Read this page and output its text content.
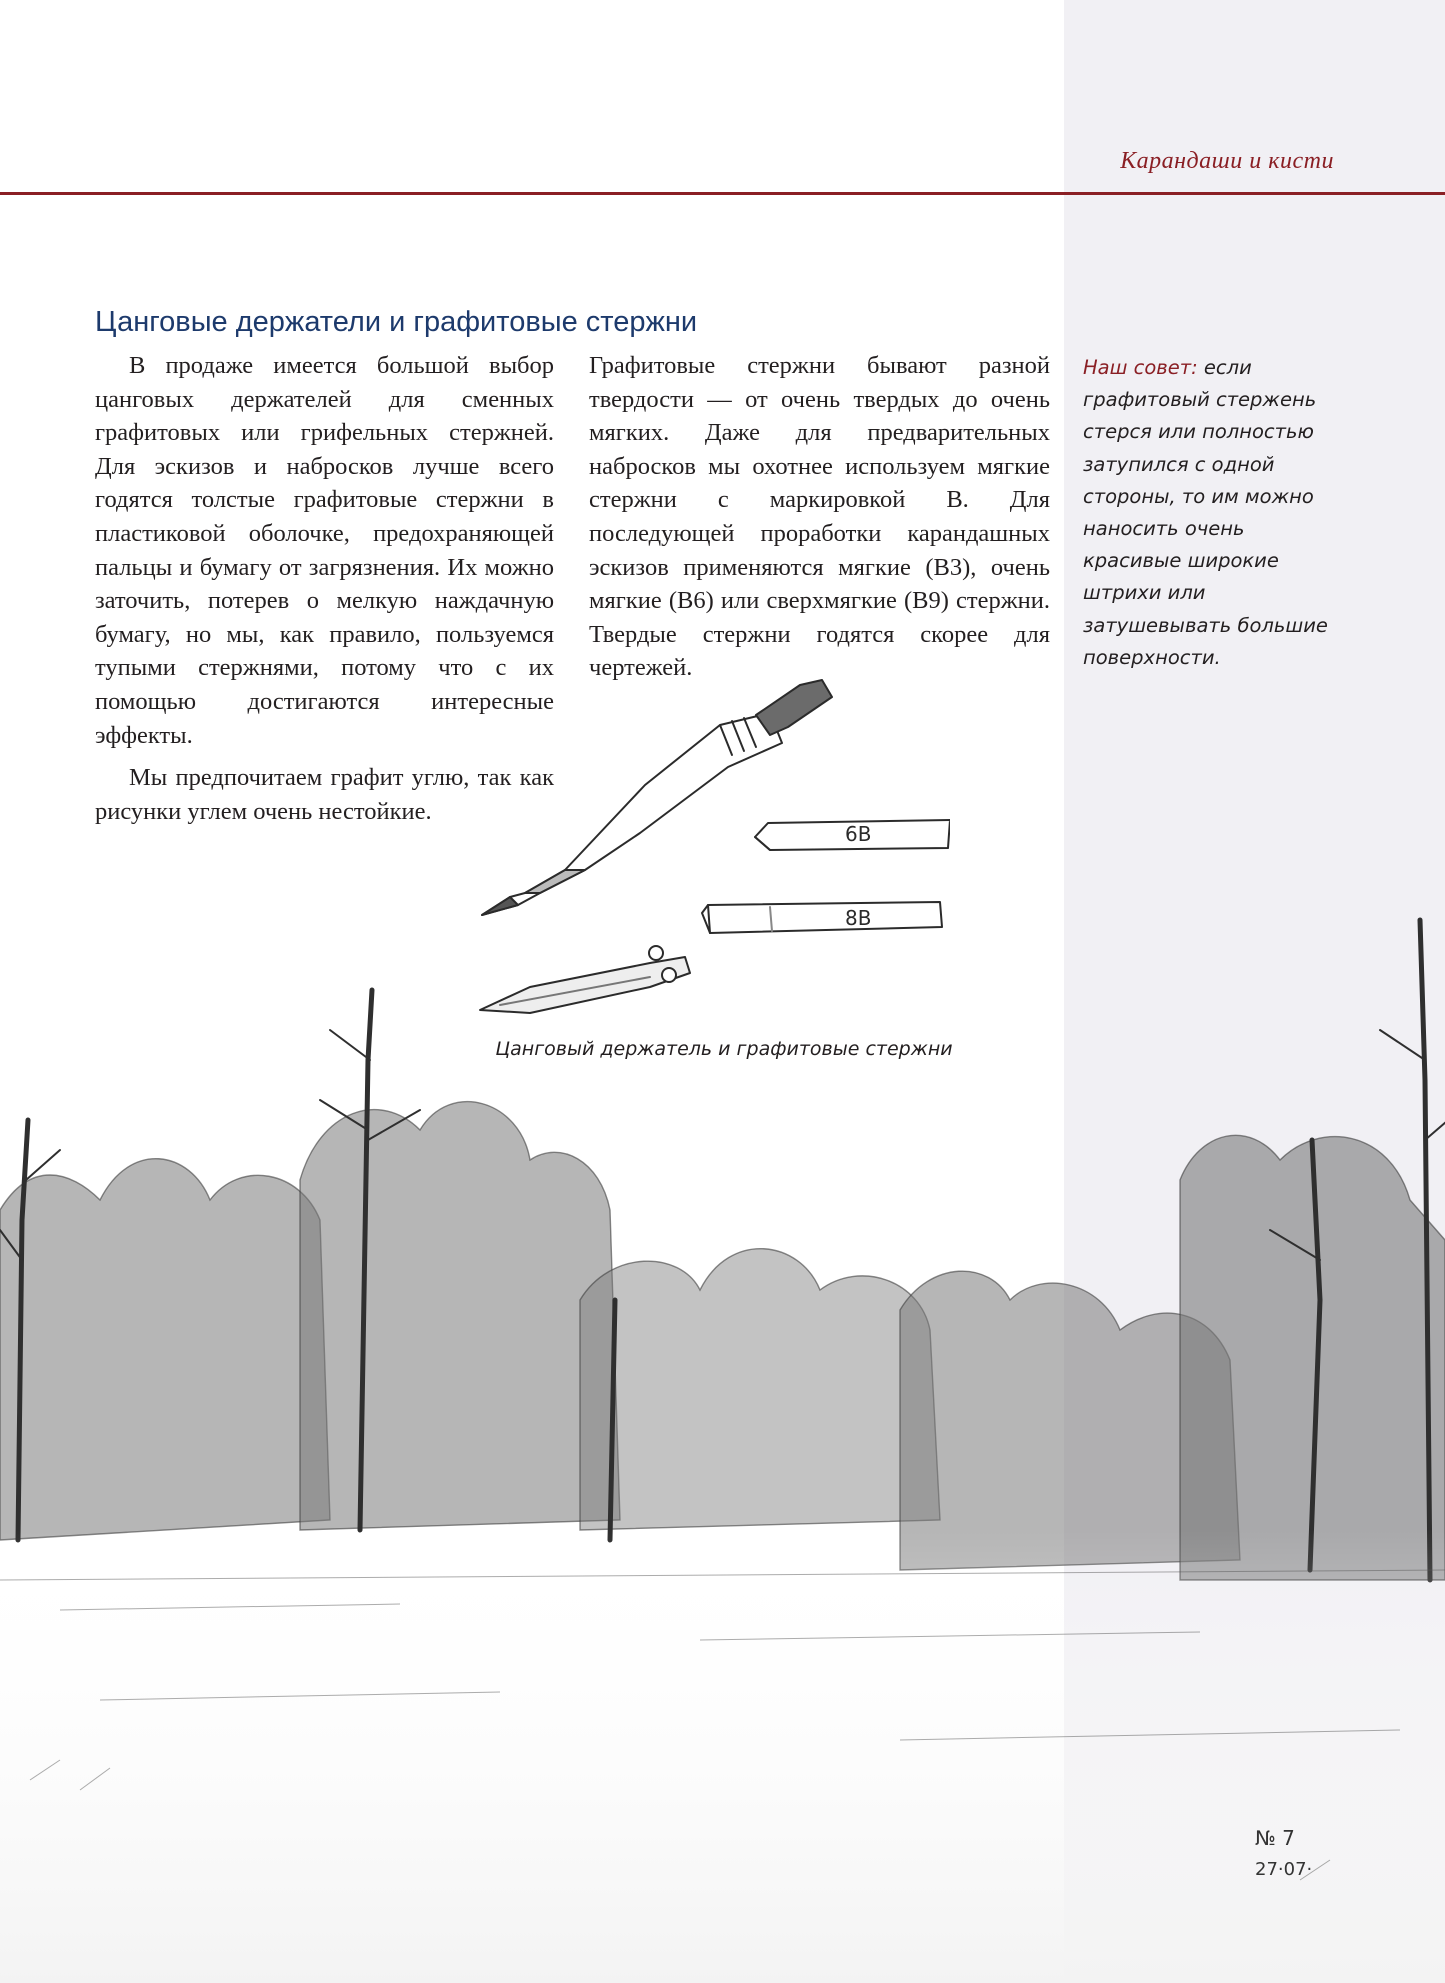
Карандаши и кисти
Цанговые держатели и графитовые стержни

В продаже имеется большой выбор цанговых держателей для сменных графитовых или грифельных стержней. Для эскизов и набросков лучше всего годятся толстые графитовые стержни в пластиковой оболочке, предохраняющей пальцы и бумагу от загрязнения. Их можно заточить, потерев о мелкую наждачную бумагу, но мы, как правило, пользуемся тупыми стержнями, потому что с их помощью достигаются интересные эффекты.

Мы предпочитаем графит углю, так как рисунки углем очень нестойкие.

Графитовые стержни бывают разной твердости — от очень твердых до очень мягких. Даже для предварительных набросков мы охотнее используем мягкие стержни с маркировкой B. Для последующей проработки карандашных эскизов применяются мягкие (B3), очень мягкие (B6) или сверхмягкие (B9) стержни. Твердые стержни годятся скорее для чертежей.

Наш совет: если графитовый стержень стерся или полностью затупился с одной стороны, то им можно наносить очень красивые широкие штрихи или затушевывать большие поверхности.
6B
8B
Цанговый держатель и графитовые стержни
№ 7
27·07·
